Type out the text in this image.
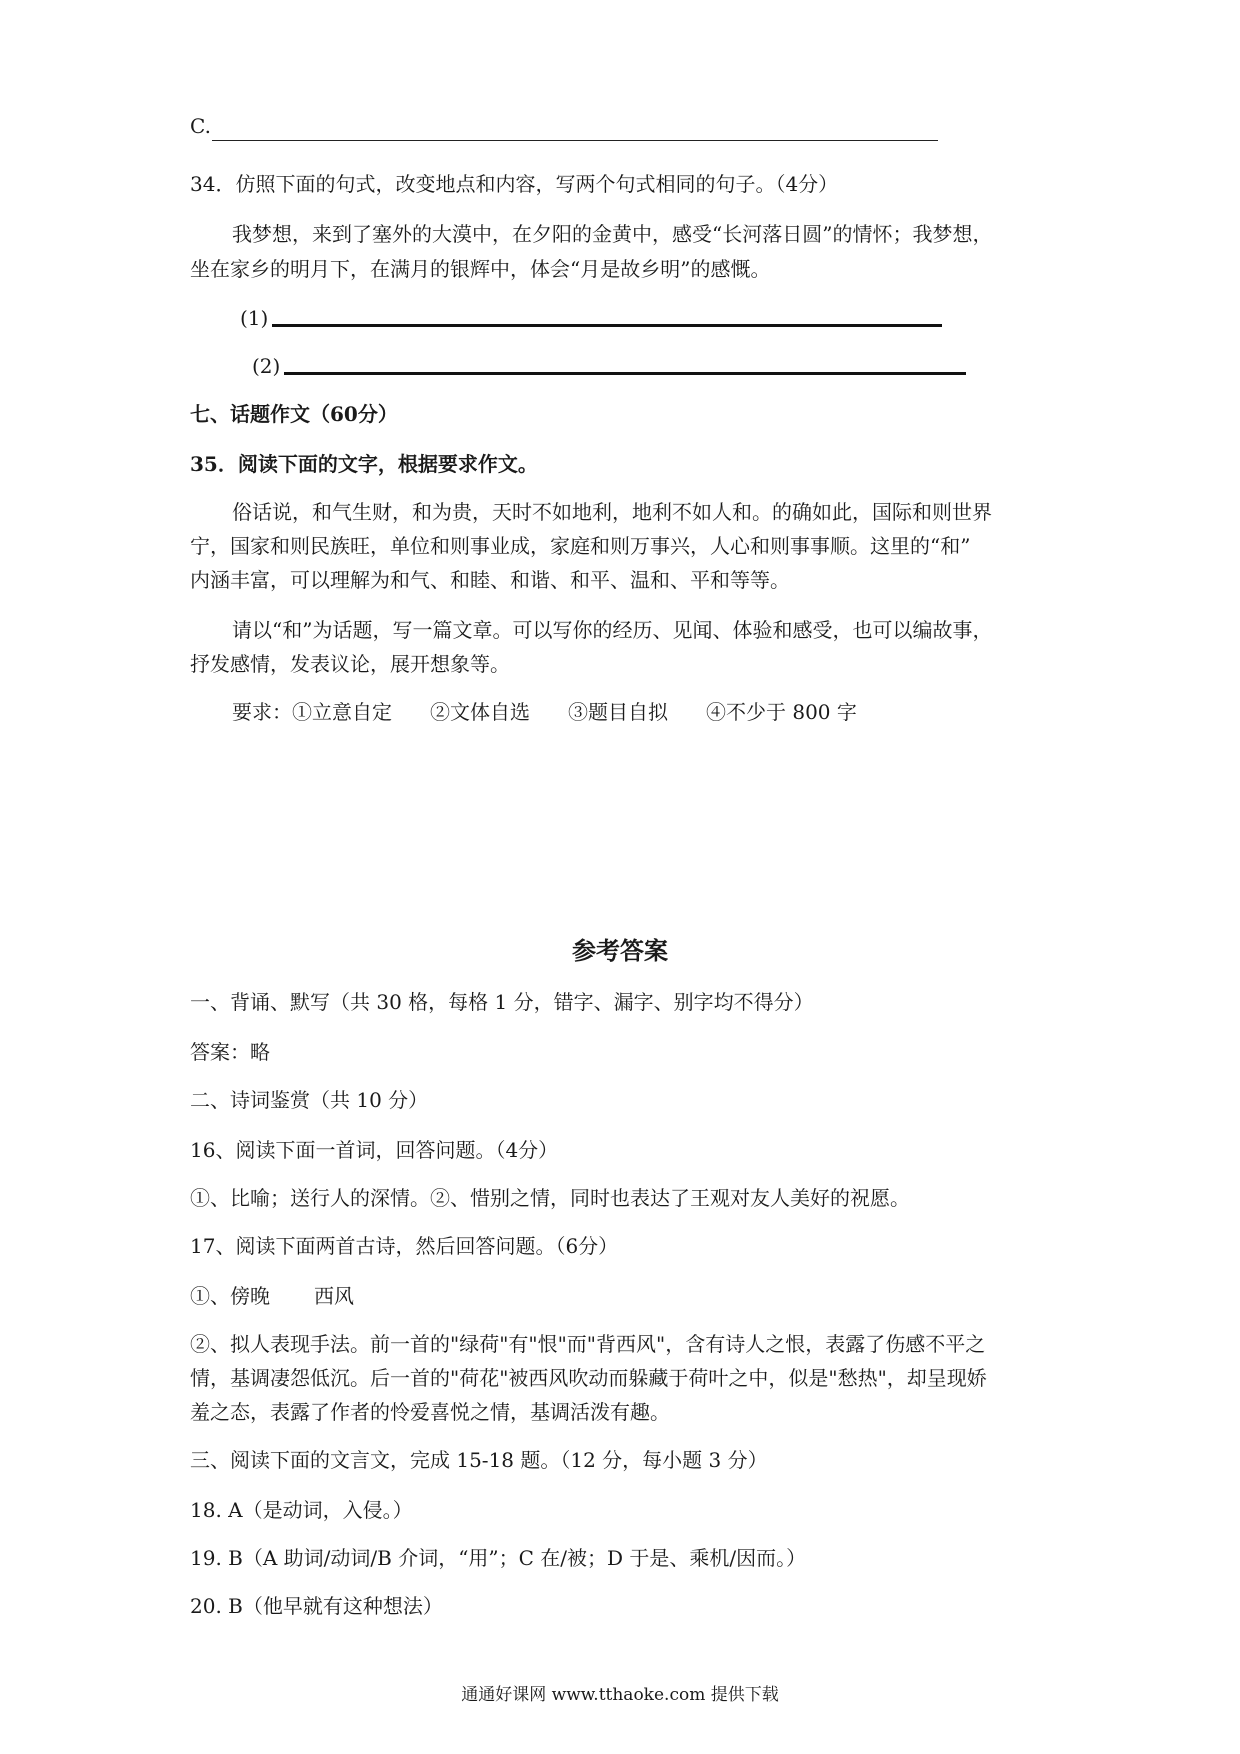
C.
34．仿照下面的句式，改变地点和内容，写两个句式相同的句子。（4分）
我梦想，来到了塞外的大漠中，在夕阳的金黄中，感受“长河落日圆”的情怀；我梦想，
坐在家乡的明月下，在满月的银辉中，体会“月是故乡明”的感慨。
(1)
(2)
七、话题作文（60分）
35．阅读下面的文字，根据要求作文。
俗话说，和气生财，和为贵，天时不如地利，地利不如人和。的确如此，国际和则世界
宁，国家和则民族旺，单位和则事业成，家庭和则万事兴，人心和则事事顺。这里的“和”
内涵丰富，可以理解为和气、和睦、和谐、和平、温和、平和等等。
请以“和”为话题，写一篇文章。可以写你的经历、见闻、体验和感受，也可以编故事，
抒发感情，发表议论，展开想象等。
要求：①立意自定 ②文体自选 ③题目自拟 ④不少于 800 字
参考答案
一、背诵、默写（共 30 格，每格 1 分，错字、漏字、别字均不得分）
答案：略
二、诗词鉴赏（共 10 分）
16、阅读下面一首词，回答问题。（4分）
①、比喻；送行人的深情。②、惜别之情，同时也表达了王观对友人美好的祝愿。
17、阅读下面两首古诗，然后回答问题。（6分）
①、傍晚 西风
②、拟人表现手法。前一首的"绿荷"有"恨"而"背西风"，含有诗人之恨，表露了伤感不平之
情，基调凄怨低沉。后一首的"荷花"被西风吹动而躲藏于荷叶之中，似是"愁热"，却呈现娇
羞之态，表露了作者的怜爱喜悦之情，基调活泼有趣。
三、阅读下面的文言文，完成 15-18 题。（12 分，每小题 3 分）
18. A（是动词，入侵。）
19. B（A 助词/动词/B 介词，“用”；C 在/被；D 于是、乘机/因而。）
20. B（他早就有这种想法）
通通好课网 www.tthaoke.com 提供下载
